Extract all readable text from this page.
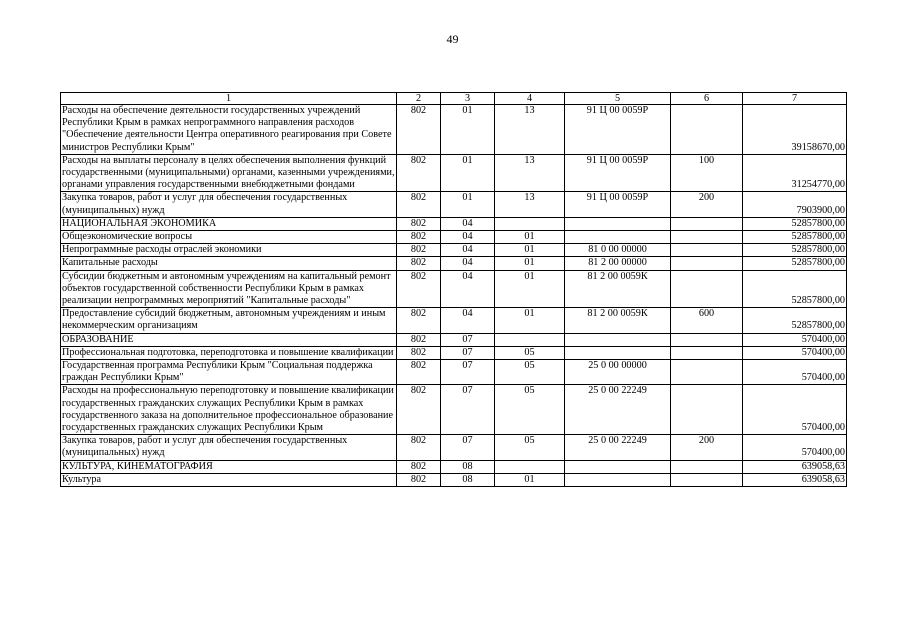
49
1	2	3	4	5	6	7
Расходы на обеспечение деятельности государственных учреждений Республики Крым в рамках непрограммного направления расходов "Обеспечение деятельности Центра оперативного реагирования при Совете министров Республики Крым"	802	01	13	91 Ц 00 0059Р		39158670,00
Расходы на выплаты персоналу в целях обеспечения выполнения функций государственными (муниципальными) органами, казенными учреждениями, органами управления государственными внебюджетными фондами	802	01	13	91 Ц 00 0059Р	100	31254770,00
Закупка товаров, работ и услуг для обеспечения государственных (муниципальных) нужд	802	01	13	91 Ц 00 0059Р	200	7903900,00
НАЦИОНАЛЬНАЯ ЭКОНОМИКА	802	04				52857800,00
Общеэкономические вопросы	802	04	01			52857800,00
Непрограммные расходы отраслей экономики	802	04	01	81 0 00 00000		52857800,00
Капитальные расходы	802	04	01	81 2 00 00000		52857800,00
Субсидии бюджетным и автономным учреждениям на капитальный ремонт объектов государственной собственности Республики Крым в рамках реализации непрограммных мероприятий "Капитальные расходы"	802	04	01	81 2 00 0059К		52857800,00
Предоставление субсидий бюджетным, автономным учреждениям и иным некоммерческим организациям	802	04	01	81 2 00 0059К	600	52857800,00
ОБРАЗОВАНИЕ	802	07				570400,00
Профессиональная подготовка, переподготовка и повышение квалификации	802	07	05			570400,00
Государственная программа Республики Крым "Социальная поддержка граждан Республики Крым"	802	07	05	25 0 00 00000		570400,00
Расходы на профессиональную переподготовку и повышение квалификации государственных гражданских служащих Республики Крым в рамках государственного заказа на дополнительное профессиональное образование государственных гражданских служащих Республики Крым	802	07	05	25 0 00 22249		570400,00
Закупка товаров, работ и услуг для обеспечения государственных (муниципальных) нужд	802	07	05	25 0 00 22249	200	570400,00
КУЛЬТУРА, КИНЕМАТОГРАФИЯ	802	08				639058,63
Культура	802	08	01			639058,63
